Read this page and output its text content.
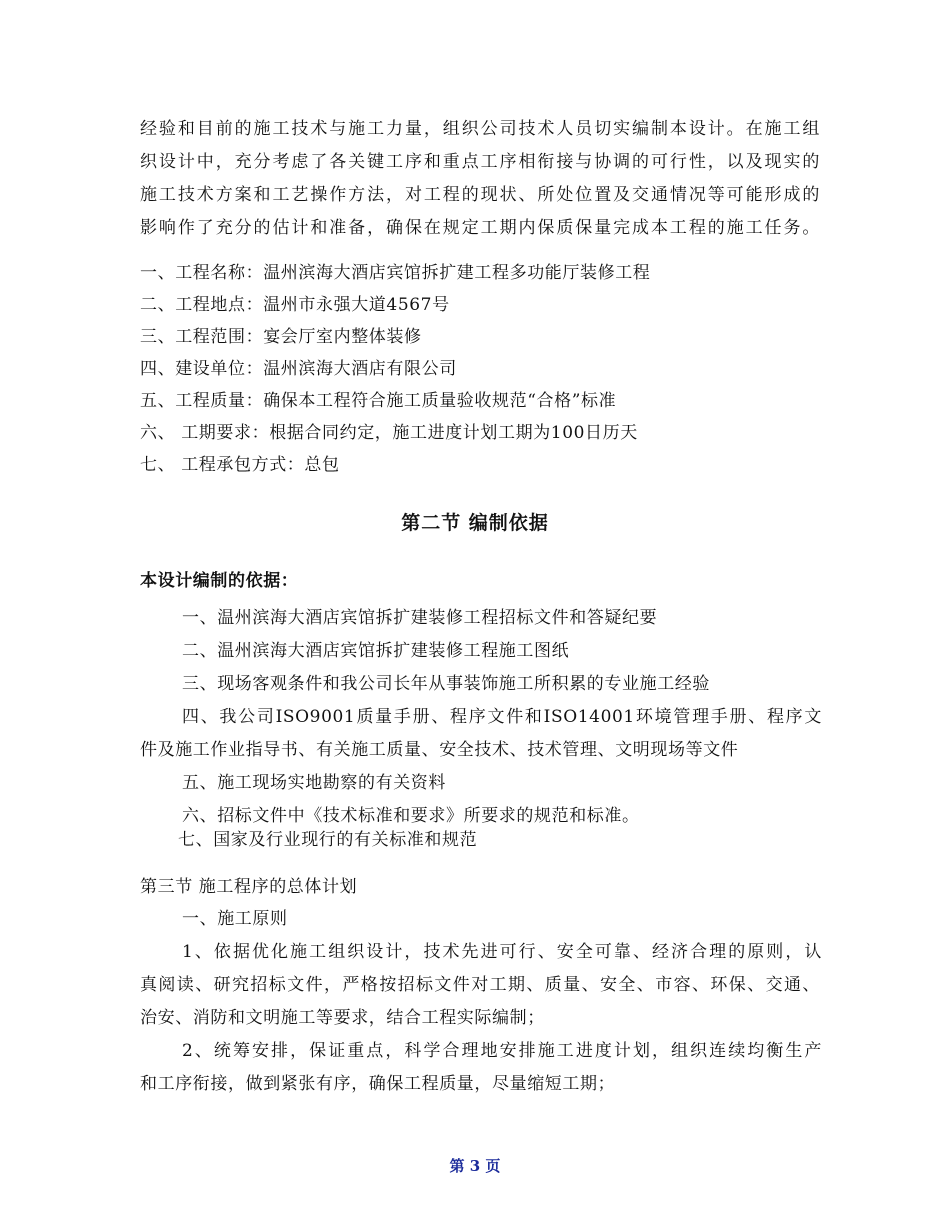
经验和目前的施工技术与施工力量，组织公司技术人员切实编制本设计。在施工组
织设计中，充分考虑了各关键工序和重点工序相衔接与协调的可行性，以及现实的
施工技术方案和工艺操作方法，对工程的现状、所处位置及交通情况等可能形成的
影响作了充分的估计和准备，确保在规定工期内保质保量完成本工程的施工任务。
一、工程名称：温州滨海大酒店宾馆拆扩建工程多功能厅装修工程
二、工程地点：温州市永强大道4567号
三、工程范围：宴会厅室内整体装修
四、建设单位：温州滨海大酒店有限公司
五、工程质量：确保本工程符合施工质量验收规范“合格”标准
六、 工期要求：根据合同约定，施工进度计划工期为100日历天
七、 工程承包方式：总包
第二节 编制依据
本设计编制的依据：
一、温州滨海大酒店宾馆拆扩建装修工程招标文件和答疑纪要
二、温州滨海大酒店宾馆拆扩建装修工程施工图纸
三、现场客观条件和我公司长年从事装饰施工所积累的专业施工经验
四、我公司ISO9001质量手册、程序文件和ISO14001环境管理手册、程序文
件及施工作业指导书、有关施工质量、安全技术、技术管理、文明现场等文件
五、施工现场实地勘察的有关资料
六、招标文件中《技术标准和要求》所要求的规范和标准。
七、国家及行业现行的有关标准和规范
第三节 施工程序的总体计划
一、施工原则
1、依据优化施工组织设计，技术先进可行、安全可靠、经济合理的原则，认
真阅读、研究招标文件，严格按招标文件对工期、质量、安全、市容、环保、交通、
治安、消防和文明施工等要求，结合工程实际编制；
2、统筹安排，保证重点，科学合理地安排施工进度计划，组织连续均衡生产
和工序衔接，做到紧张有序，确保工程质量，尽量缩短工期；
第 3 页
